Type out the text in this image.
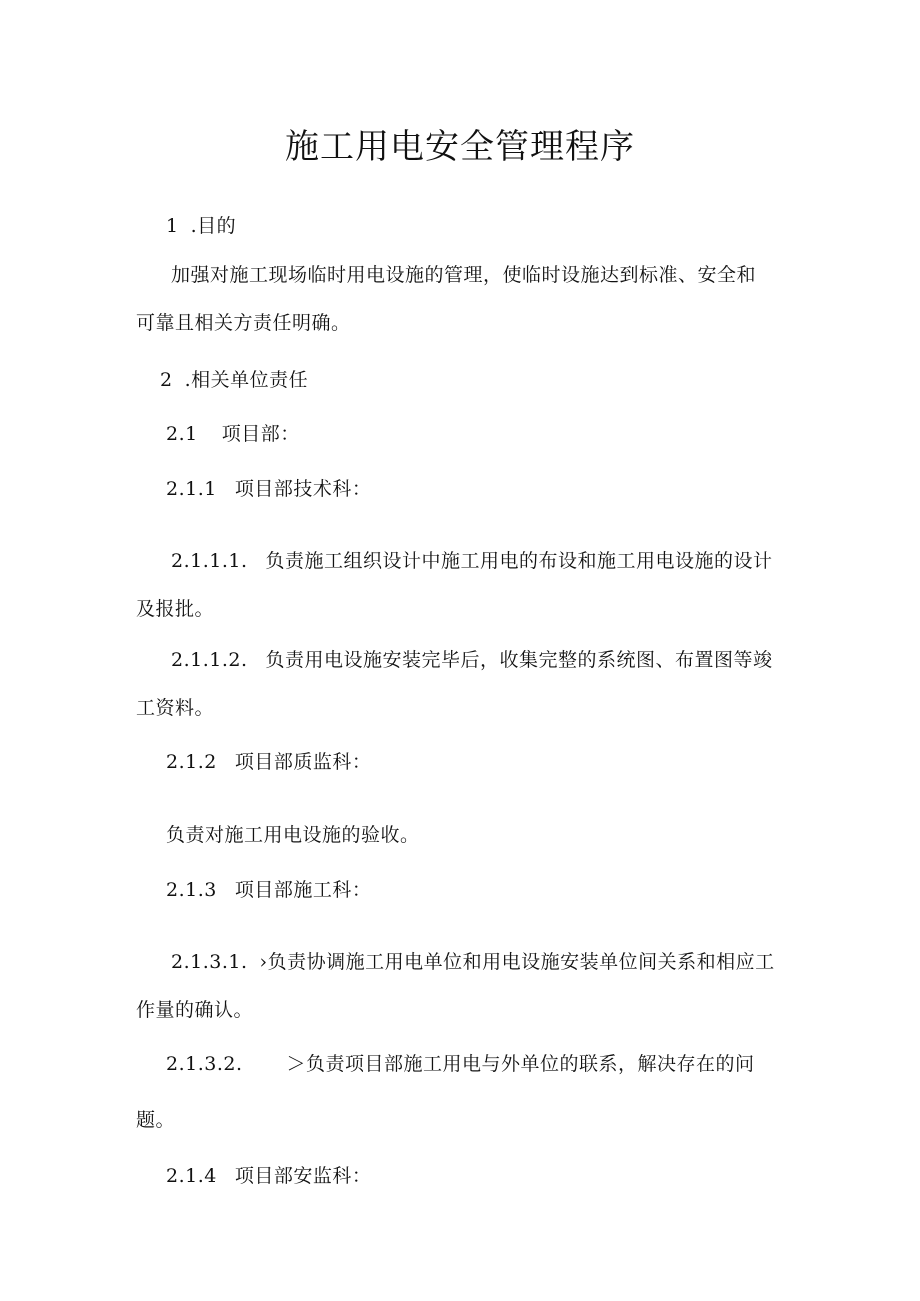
施工用电安全管理程序
1 .目的
加强对施工现场临时用电设施的管理，使临时设施达到标准、安全和
可靠且相关方责任明确。
2 .相关单位责任
2.1 项目部：
2.1.1 项目部技术科：
2.1.1.1. 负责施工组织设计中施工用电的布设和施工用电设施的设计
及报批。
2.1.1.2. 负责用电设施安装完毕后，收集完整的系统图、布置图等竣
工资料。
2.1.2 项目部质监科：
负责对施工用电设施的验收。
2.1.3 项目部施工科：
2.1.3.1. ›负责协调施工用电单位和用电设施安装单位间关系和相应工
作量的确认。
2.1.3.2. ＞负责项目部施工用电与外单位的联系，解决存在的问
题。
2.1.4 项目部安监科：
